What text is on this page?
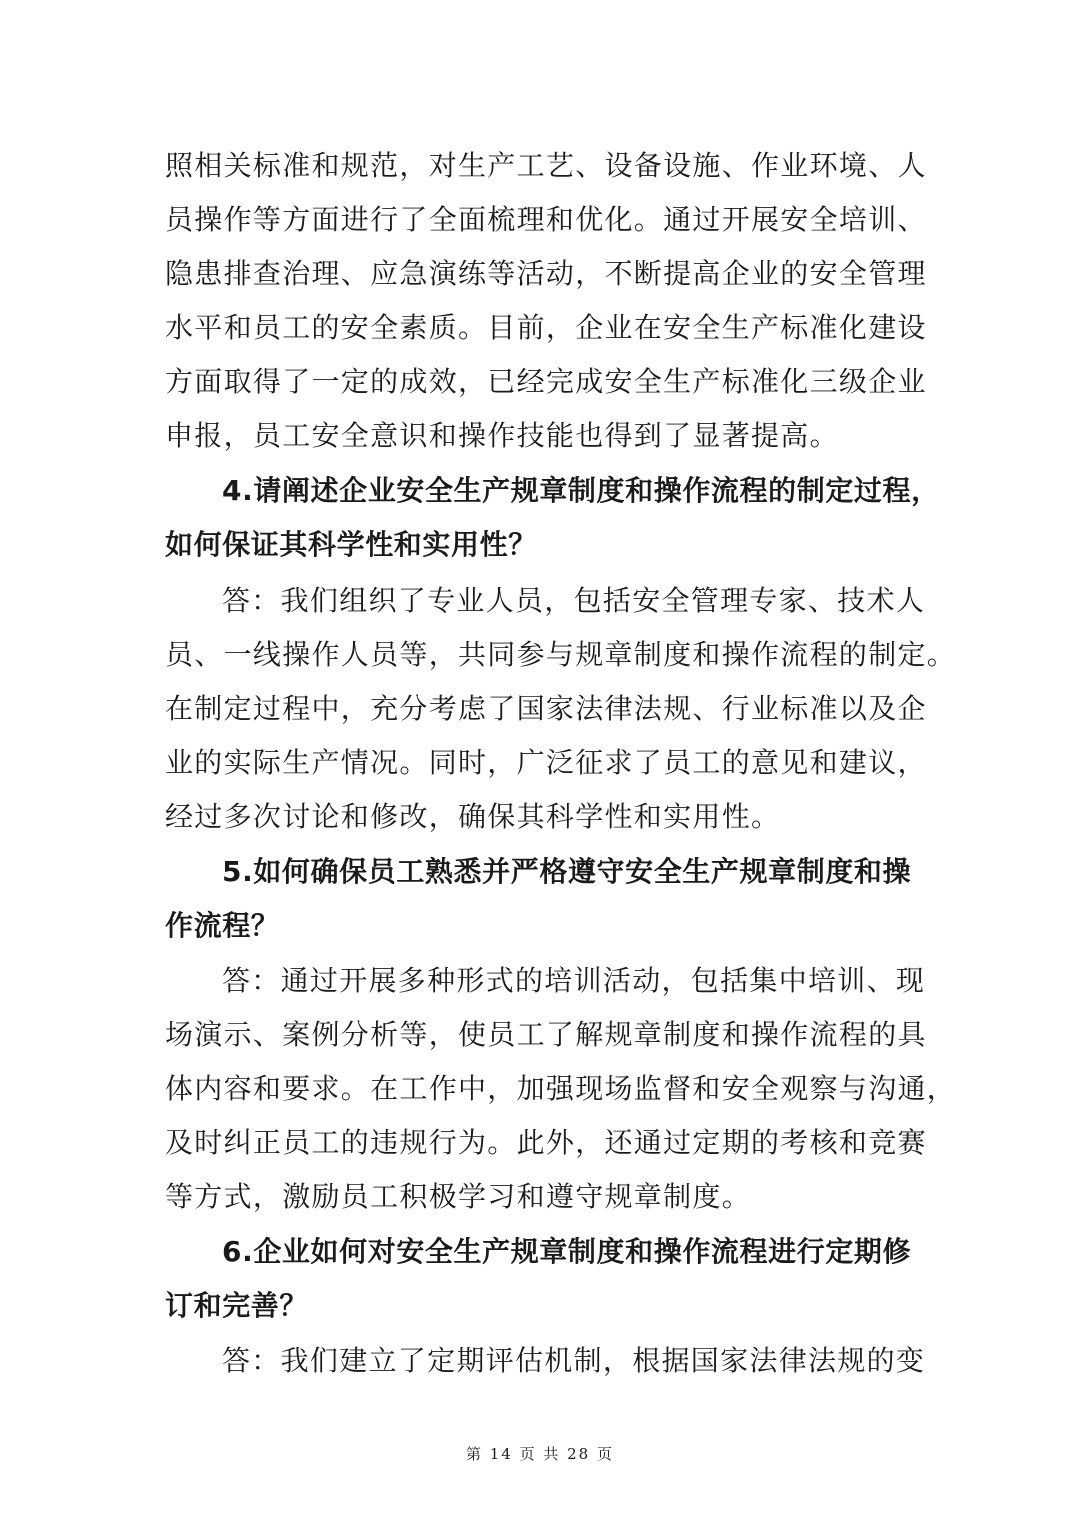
照相关标准和规范，对生产工艺、设备设施、作业环境、人
员操作等方面进行了全面梳理和优化。通过开展安全培训、
隐患排查治理、应急演练等活动，不断提高企业的安全管理
水平和员工的安全素质。目前，企业在安全生产标准化建设
方面取得了一定的成效，已经完成安全生产标准化三级企业
申报，员工安全意识和操作技能也得到了显著提高。
4.请阐述企业安全生产规章制度和操作流程的制定过程，
如何保证其科学性和实用性？
答：我们组织了专业人员，包括安全管理专家、技术人
员、一线操作人员等，共同参与规章制度和操作流程的制定。
在制定过程中，充分考虑了国家法律法规、行业标准以及企
业的实际生产情况。同时，广泛征求了员工的意见和建议，
经过多次讨论和修改，确保其科学性和实用性。
5.如何确保员工熟悉并严格遵守安全生产规章制度和操
作流程？
答：通过开展多种形式的培训活动，包括集中培训、现
场演示、案例分析等，使员工了解规章制度和操作流程的具
体内容和要求。在工作中，加强现场监督和安全观察与沟通，
及时纠正员工的违规行为。此外，还通过定期的考核和竞赛
等方式，激励员工积极学习和遵守规章制度。
6.企业如何对安全生产规章制度和操作流程进行定期修
订和完善？
答：我们建立了定期评估机制，根据国家法律法规的变
第 14 页 共 28 页
